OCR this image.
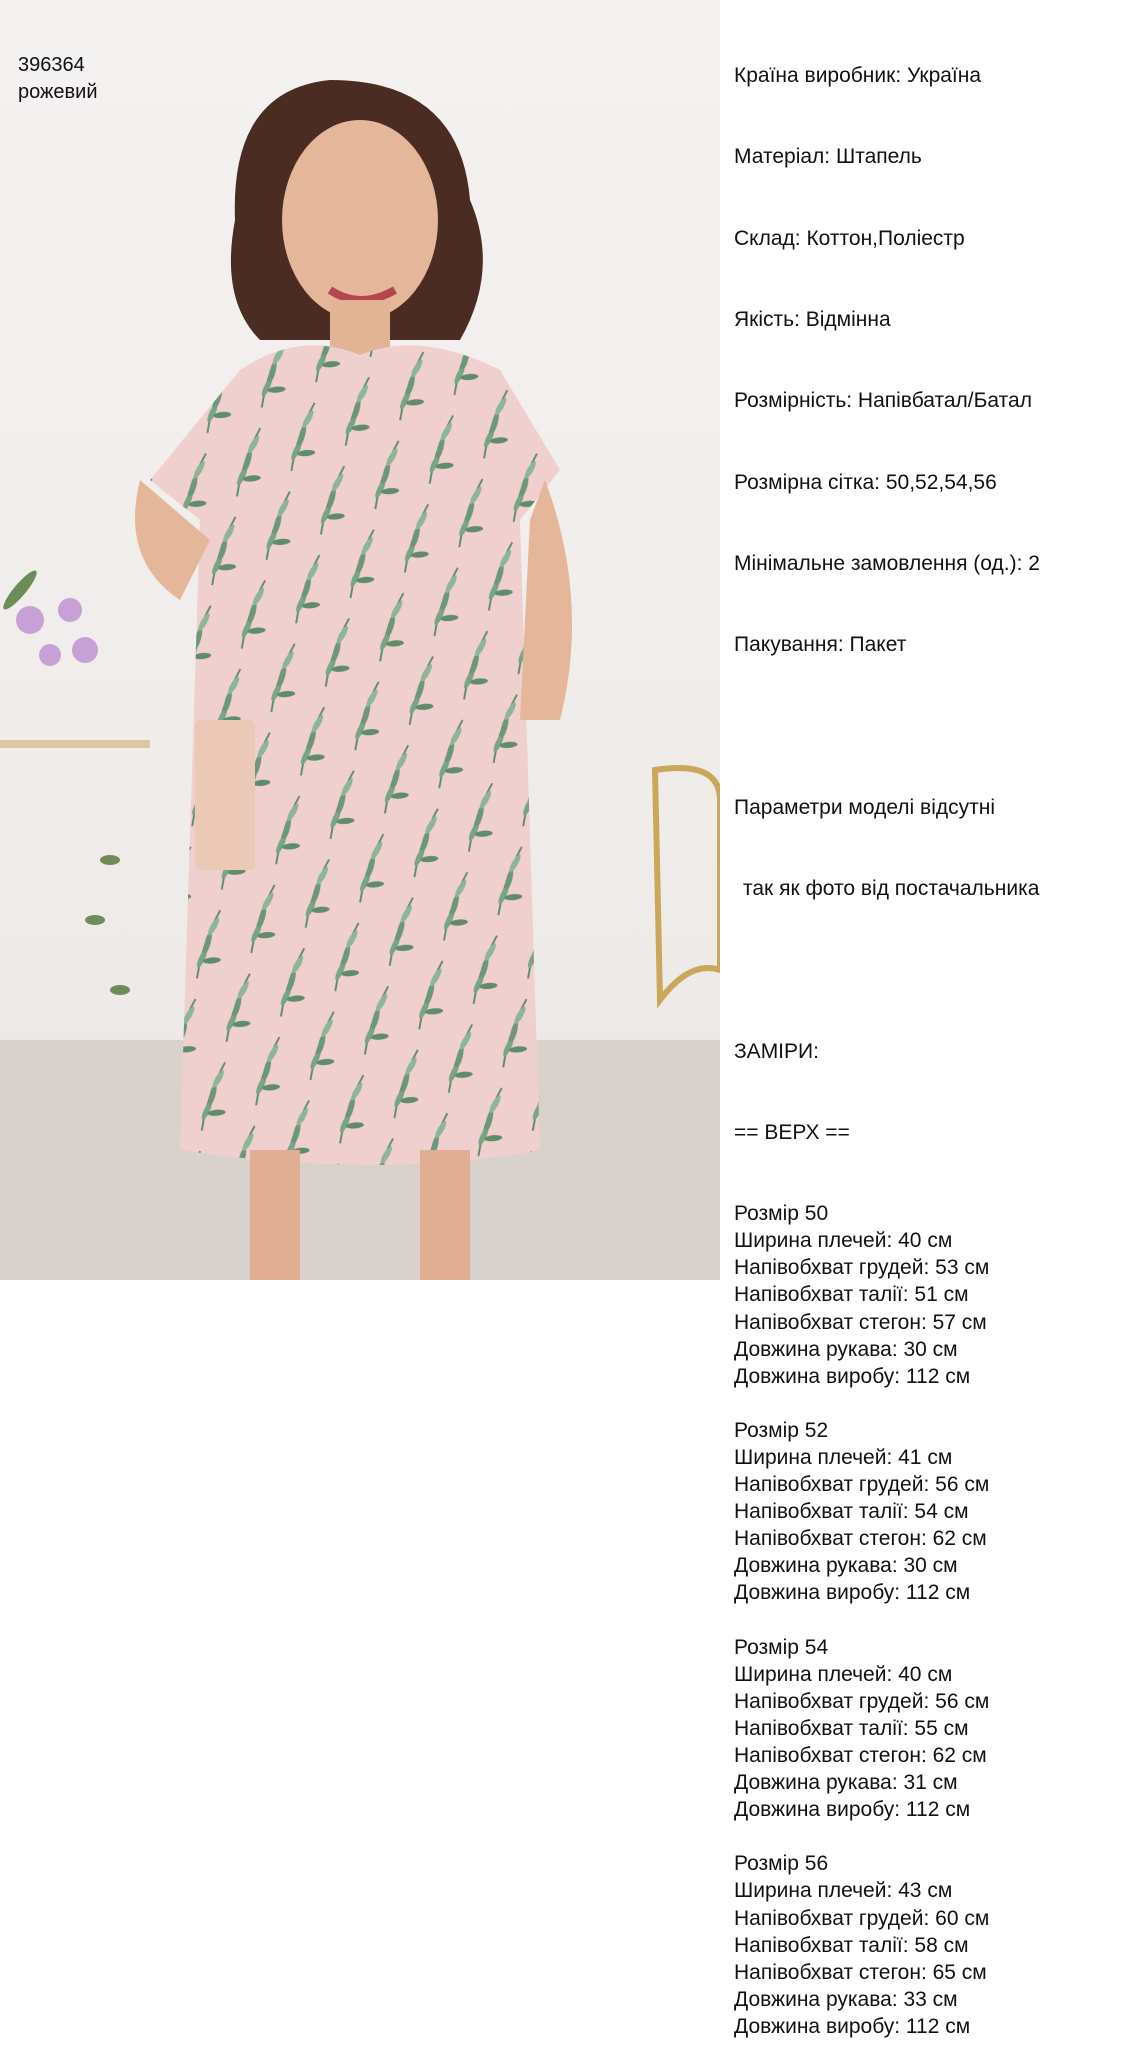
396364
рожевий

Країна виробник: Україна

Матеріал: Штапель

Склад: Коттон,Поліестр

Якість: Відмінна

Розмірність: Напівбатал/Батал

Розмірна сітка: 50,52,54,56

Мінімальне замовлення (од.): 2

Пакування: Пакет

Параметри моделі відсутні

так як фото від постачальника

ЗАМІРИ:

== ВЕРХ ==

Розмір 50
Ширина плечей: 40 см
Напівобхват грудей: 53 см
Напівобхват талії: 51 см
Напівобхват стегон: 57 см
Довжина рукава: 30 см
Довжина виробу: 112 см
Розмір 52
Ширина плечей: 41 см
Напівобхват грудей: 56 см
Напівобхват талії: 54 см
Напівобхват стегон: 62 см
Довжина рукава: 30 см
Довжина виробу: 112 см
Розмір 54
Ширина плечей: 40 см
Напівобхват грудей: 56 см
Напівобхват талії: 55 см
Напівобхват стегон: 62 см
Довжина рукава: 31 см
Довжина виробу: 112 см
Розмір 56
Ширина плечей: 43 см
Напівобхват грудей: 60 см
Напівобхват талії: 58 см
Напівобхват стегон: 65 см
Довжина рукава: 33 см
Довжина виробу: 112 см
